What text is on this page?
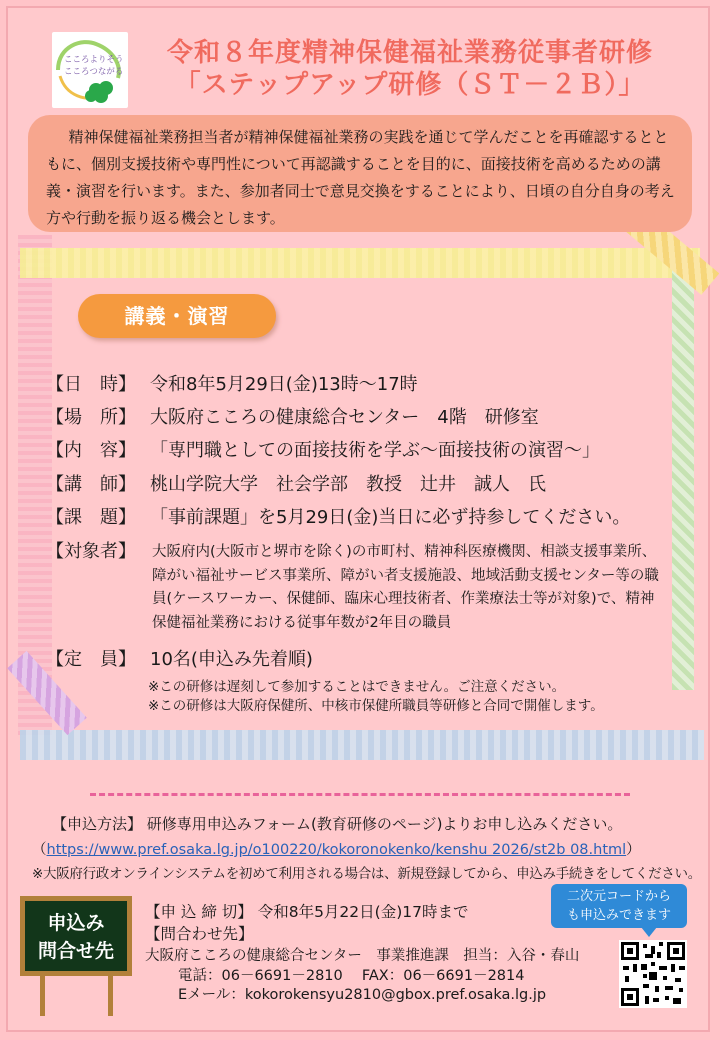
こころよりそう
こころつながる
令和８年度精神保健福祉業務従事者研修
「ステップアップ研修（ＳＴ－２Ｂ）」
精神保健福祉業務担当者が精神保健福祉業務の実践を通じて学んだことを再確認するとともに、個別支援技術や専門性について再認識することを目的に、面接技術を高めるための講義・演習を行います。また、参加者同士で意見交換をすることにより、日頃の自分自身の考え方や行動を振り返る機会とします。
講義・演習
【日　時】 令和8年5月29日(金)13時～17時
【場　所】 大阪府こころの健康総合センター　4階　研修室
【内　容】 「専門職としての面接技術を学ぶ～面接技術の演習～」
【講　師】 桃山学院大学　社会学部　教授　辻井　誠人　氏
【課　題】 「事前課題」を5月29日(金)当日に必ず持参してください。
【対象者】 大阪府内(大阪市と堺市を除く)の市町村、精神科医療機関、相談支援事業所、障がい福祉サービス事業所、障がい者支援施設、地域活動支援センター等の職員(ケースワーカー、保健師、臨床心理技術者、作業療法士等が対象)で、精神保健福祉業務における従事年数が2年目の職員
【定　員】 10名(申込み先着順)
※この研修は遅刻して参加することはできません。ご注意ください。
※この研修は大阪府保健所、中核市保健所職員等研修と合同で開催します。
【申込方法】 研修専用申込みフォーム(教育研修のページ)よりお申し込みください。
（https://www.pref.osaka.lg.jp/o100220/kokoronokenko/kenshu 2026/st2b 08.html）
※大阪府行政オンラインシステムを初めて利用される場合は、新規登録してから、申込み手続きをしてください。
申込み
問合せ先
【申 込 締 切】 令和8年5月22日(金)17時まで
【問合わせ先】
大阪府こころの健康総合センター　事業推進課　担当：入谷・春山
電話：06－6691－2810　 FAX：06－6691－2814
Eメール：kokorokensyu2810@gbox.pref.osaka.lg.jp
二次元コードから
も申込みできます
